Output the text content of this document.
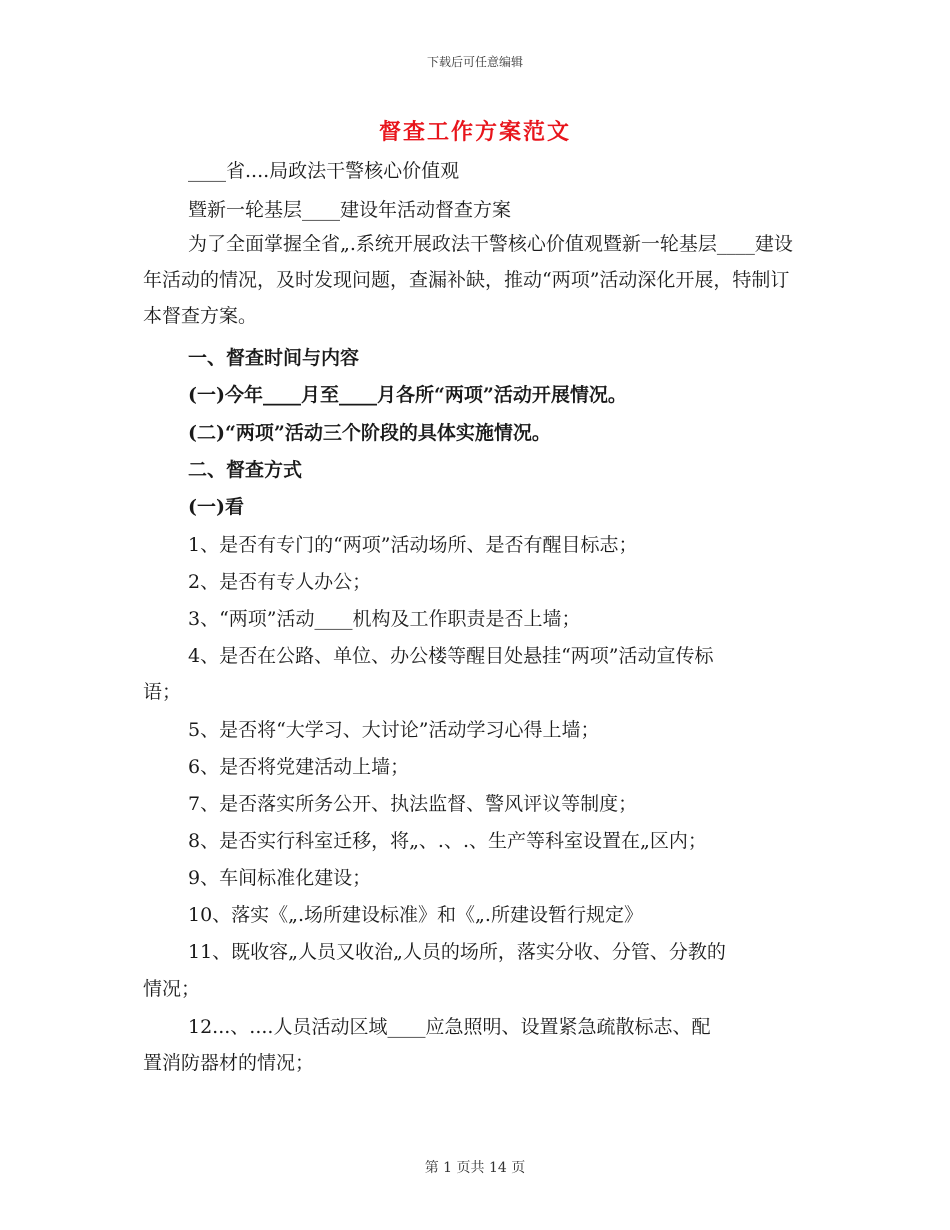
下载后可任意编辑
督查工作方案范文
____省....局政法干警核心价值观
暨新一轮基层____建设年活动督查方案
为了全面掌握全省„.系统开展政法干警核心价值观暨新一轮基层____建设年活动的情况，及时发现问题，查漏补缺，推动“两项”活动深化开展，特制订本督查方案。
一、督查时间与内容
(一)今年____月至____月各所“两项”活动开展情况。
(二)“两项”活动三个阶段的具体实施情况。
二、督查方式
(一)看
1、是否有专门的“两项”活动场所、是否有醒目标志；
2、是否有专人办公；
3、“两项”活动____机构及工作职责是否上墙；
4、是否在公路、单位、办公楼等醒目处悬挂“两项”活动宣传标
语；
5、是否将“大学习、大讨论”活动学习心得上墙；
6、是否将党建活动上墙；
7、是否落实所务公开、执法监督、警风评议等制度；
8、是否实行科室迁移，将„、.、.、生产等科室设置在„区内；
9、车间标准化建设；
10、落实《„.场所建设标准》和《„.所建设暂行规定》
11、既收容„人员又收治„人员的场所，落实分收、分管、分教的
情况；
12...、....人员活动区域____应急照明、设置紧急疏散标志、配
置消防器材的情况；
第 1 页共 14 页
